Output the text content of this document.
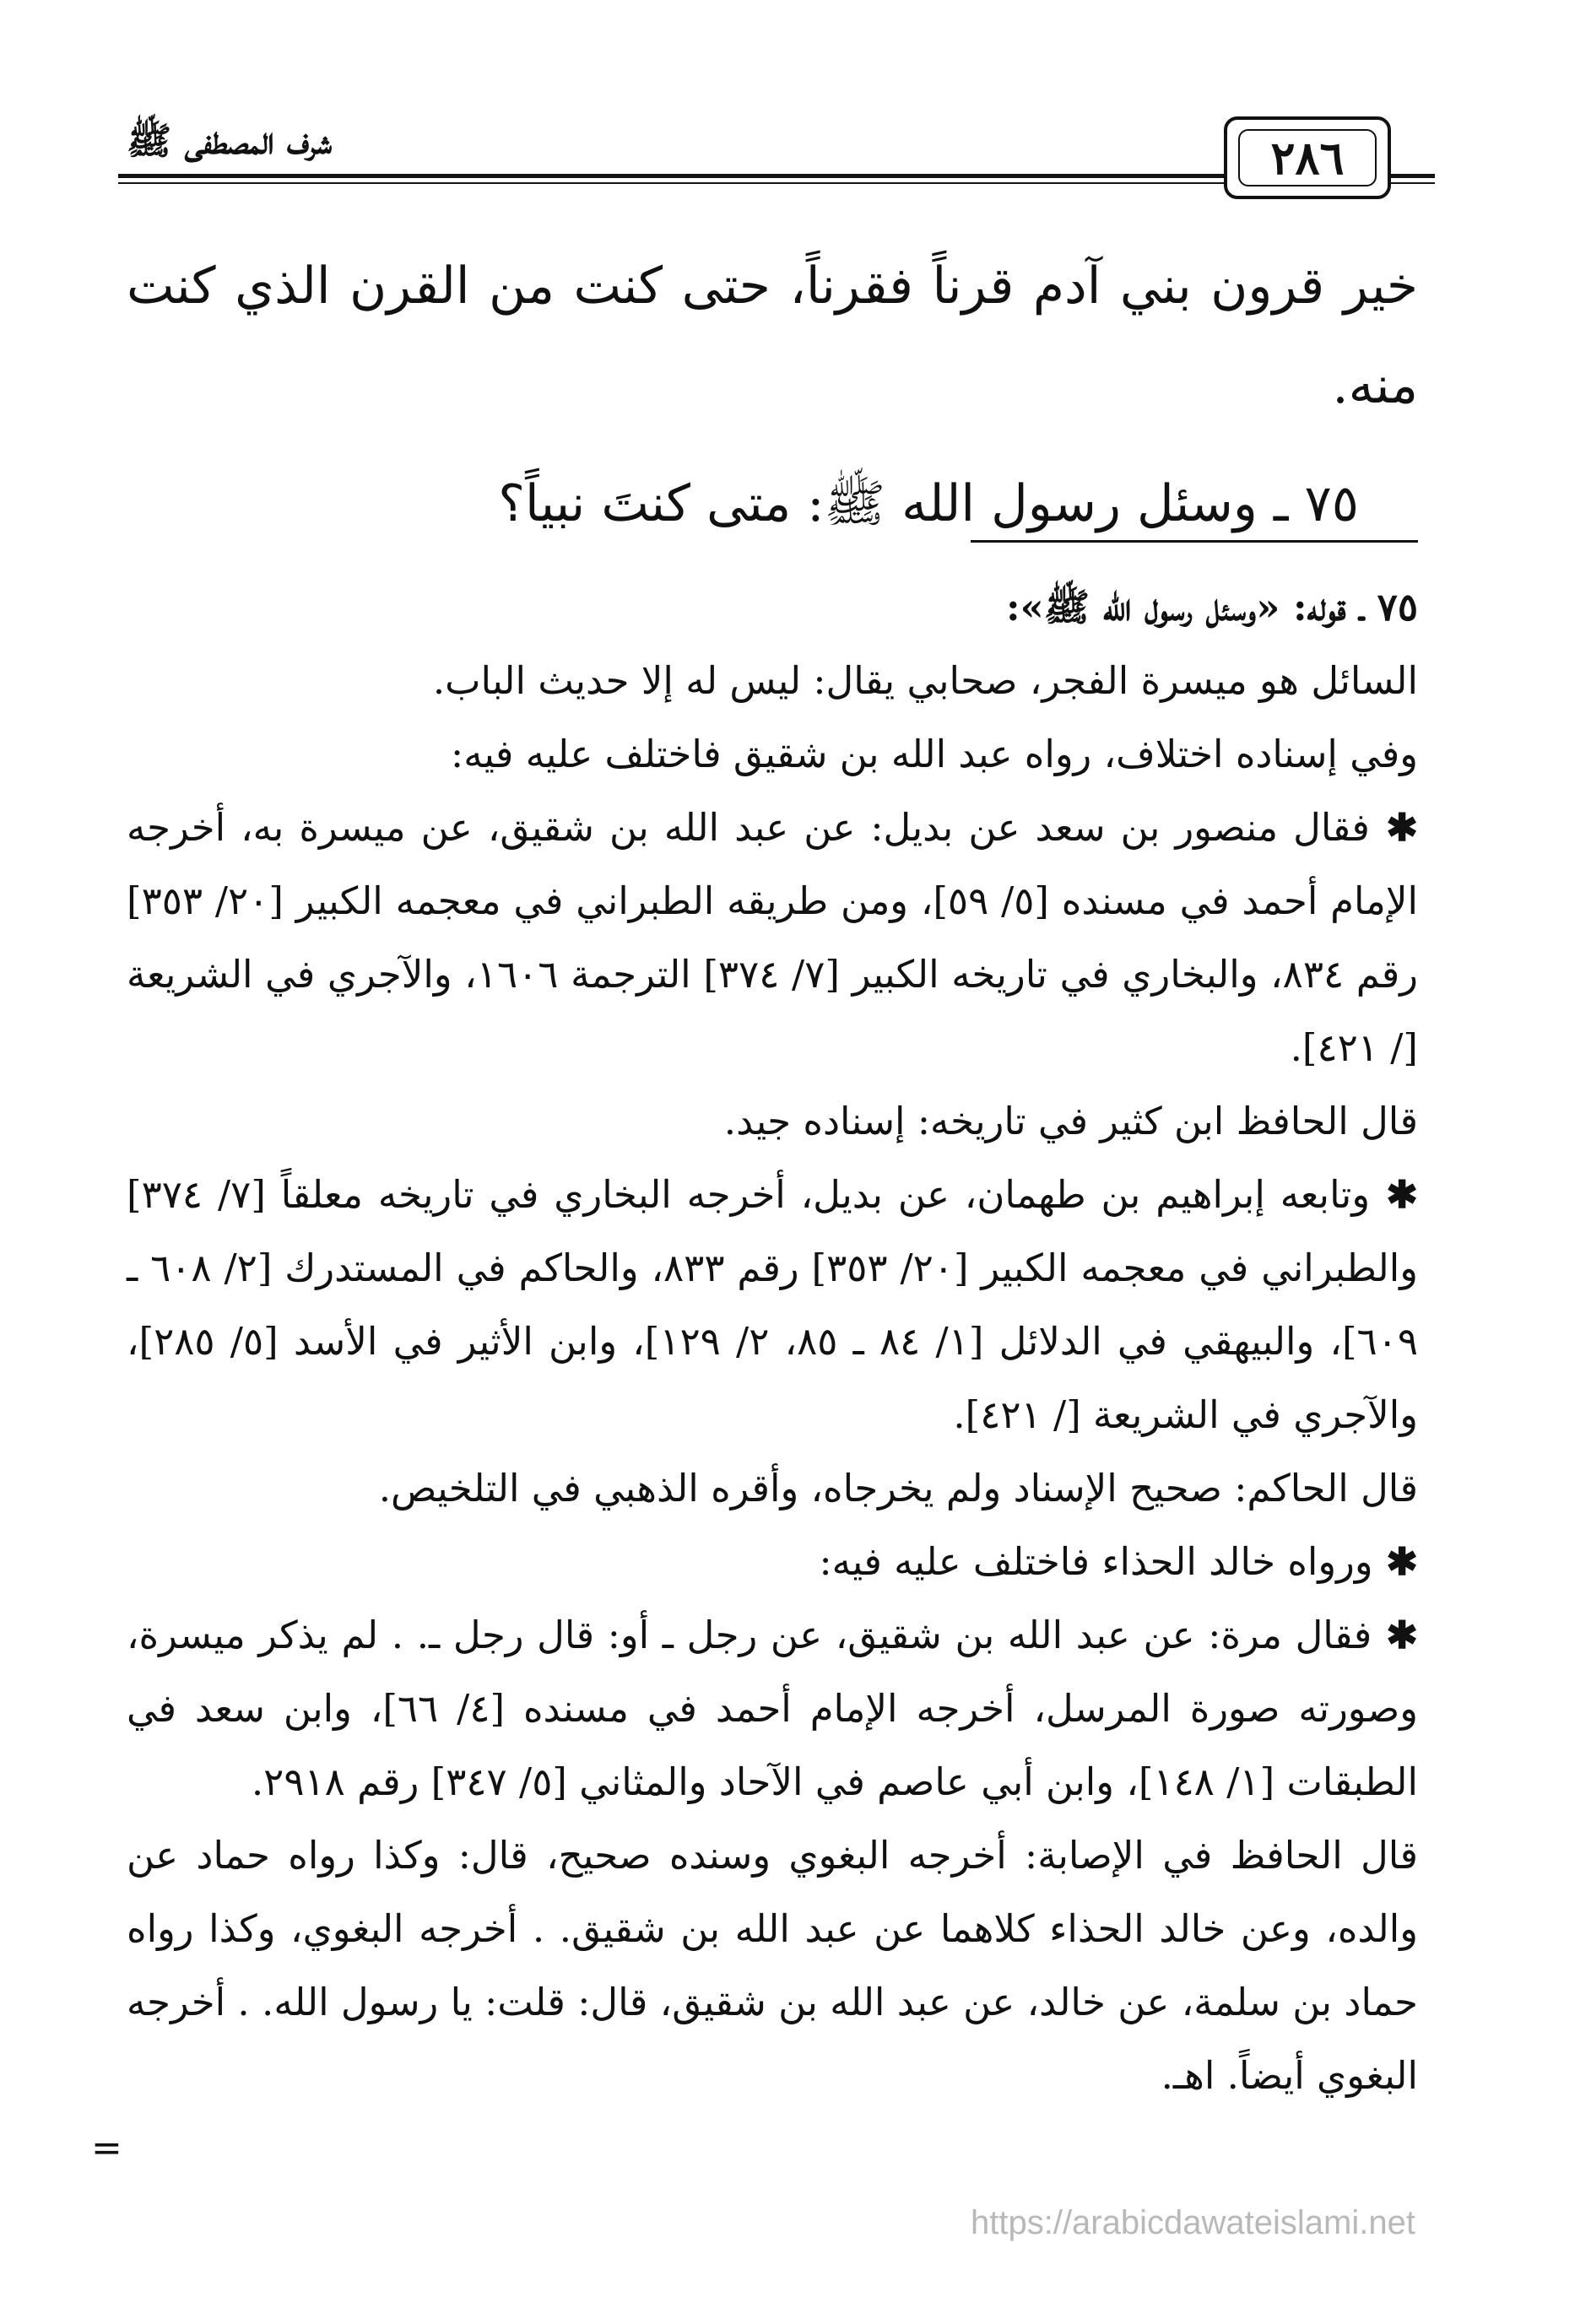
شرف المصطفى ﷺ	٢٨٦

خير قرون بني آدم قرناً فقرناً، حتى كنت من القرن الذي كنت منه.

٧٥ ـ وسئل رسول الله ﷺ: متى كنتَ نبياً؟

٧٥ ـ قوله: «وسئل رسول الله ﷺ»:

السائل هو ميسرة الفجر، صحابي يقال: ليس له إلا حديث الباب.

وفي إسناده اختلاف، رواه عبد الله بن شقيق فاختلف عليه فيه:

✱ فقال منصور بن سعد عن بديل: عن عبد الله بن شقيق، عن ميسرة به، أخرجه الإمام أحمد في مسنده [٥/ ٥٩]، ومن طريقه الطبراني في معجمه الكبير [٢٠/ ٣٥٣] رقم ٨٣٤، والبخاري في تاريخه الكبير [٧/ ٣٧٤] الترجمة ١٦٠٦، والآجري في الشريعة [/ ٤٢١].

قال الحافظ ابن كثير في تاريخه: إسناده جيد.

✱ وتابعه إبراهيم بن طهمان، عن بديل، أخرجه البخاري في تاريخه معلقاً [٧/ ٣٧٤] والطبراني في معجمه الكبير [٢٠/ ٣٥٣] رقم ٨٣٣، والحاكم في المستدرك [٢/ ٦٠٨ ـ ٦٠٩]، والبيهقي في الدلائل [١/ ٨٤ ـ ٨٥، ٢/ ١٢٩]، وابن الأثير في الأسد [٥/ ٢٨٥]، والآجري في الشريعة [/ ٤٢١].

قال الحاكم: صحيح الإسناد ولم يخرجاه، وأقره الذهبي في التلخيص.

✱ ورواه خالد الحذاء فاختلف عليه فيه:

✱ فقال مرة: عن عبد الله بن شقيق، عن رجل ـ أو: قال رجل ـ. . لم يذكر ميسرة، وصورته صورة المرسل، أخرجه الإمام أحمد في مسنده [٤/ ٦٦]، وابن سعد في الطبقات [١/ ١٤٨]، وابن أبي عاصم في الآحاد والمثاني [٥/ ٣٤٧] رقم ٢٩١٨.

قال الحافظ في الإصابة: أخرجه البغوي وسنده صحيح، قال: وكذا رواه حماد عن والده، وعن خالد الحذاء كلاهما عن عبد الله بن شقيق. . أخرجه البغوي، وكذا رواه حماد بن سلمة، عن خالد، عن عبد الله بن شقيق، قال: قلت: يا رسول الله. . أخرجه البغوي أيضاً. اهـ.

=
https://arabicdawateislami.net
